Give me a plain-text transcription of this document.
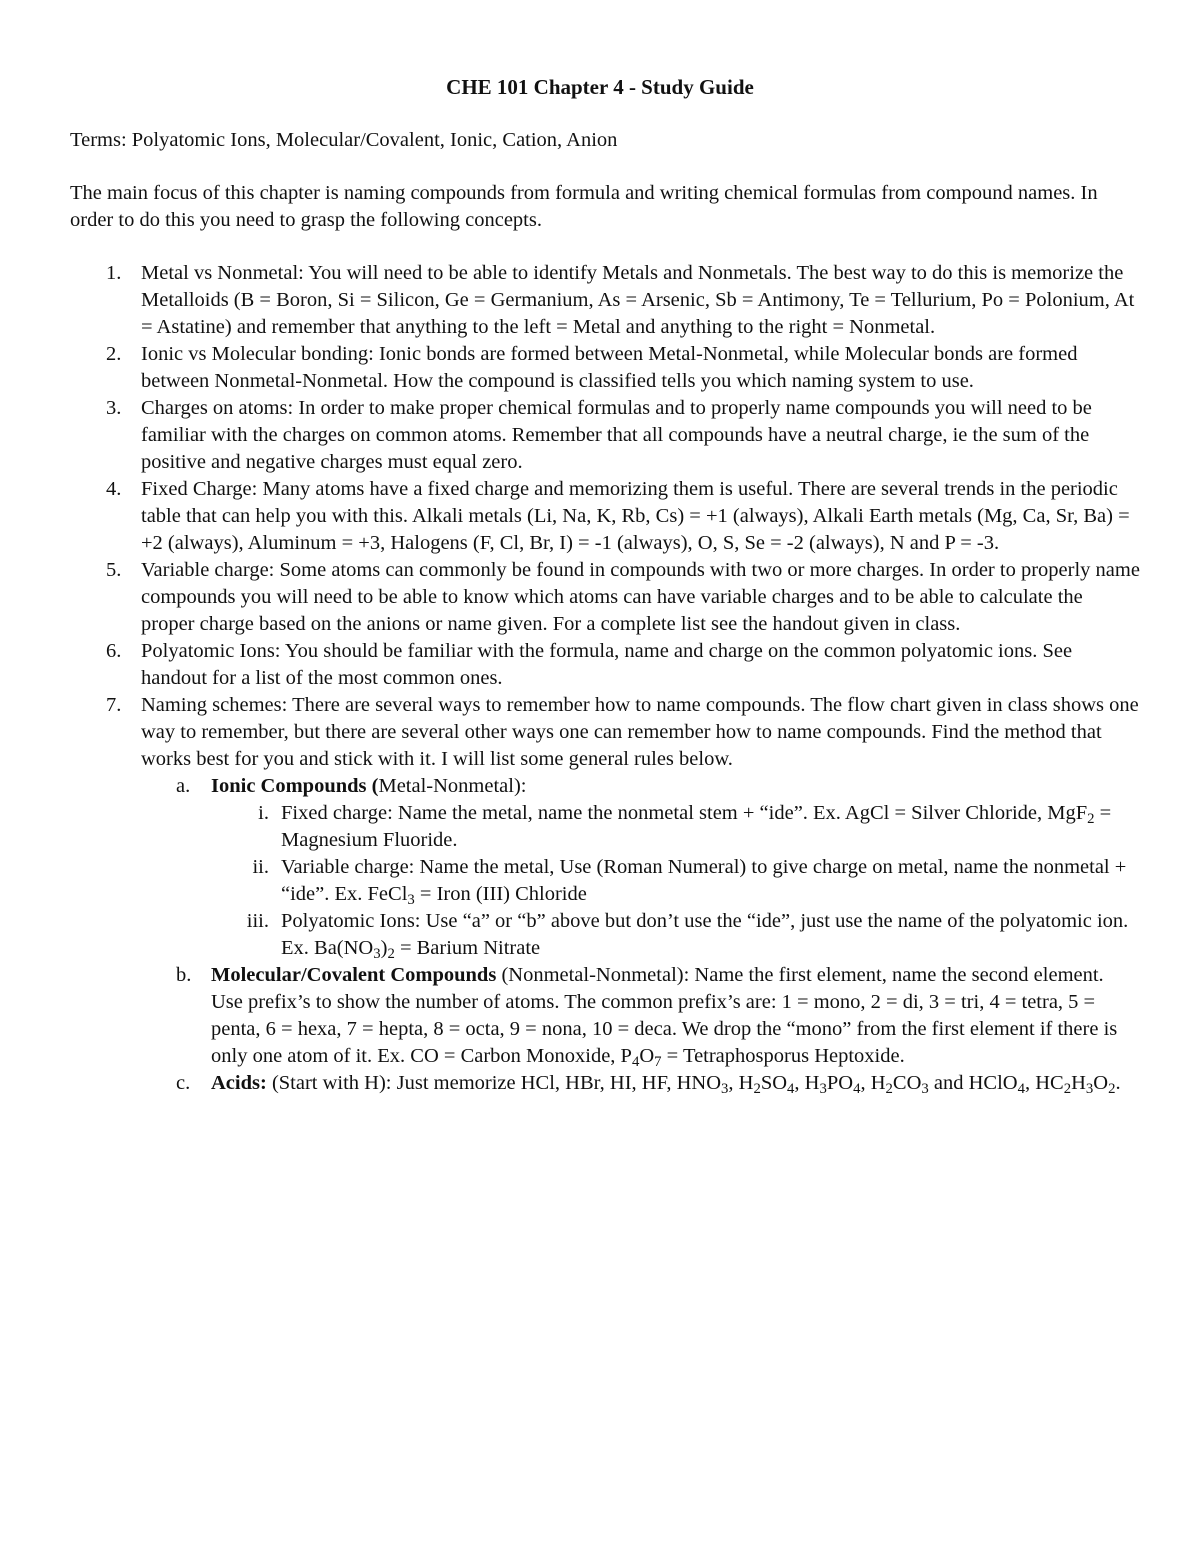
CHE 101 Chapter 4 - Study Guide

Terms: Polyatomic Ions, Molecular/Covalent, Ionic, Cation, Anion

The main focus of this chapter is naming compounds from formula and writing chemical formulas from compound names. In order to do this you need to grasp the following concepts.

1. Metal vs Nonmetal: You will need to be able to identify Metals and Nonmetals. The best way to do this is memorize the Metalloids (B = Boron, Si = Silicon, Ge = Germanium, As = Arsenic, Sb = Antimony, Te = Tellurium, Po = Polonium, At = Astatine) and remember that anything to the left = Metal and anything to the right = Nonmetal.
2. Ionic vs Molecular bonding: Ionic bonds are formed between Metal-Nonmetal, while Molecular bonds are formed between Nonmetal-Nonmetal. How the compound is classified tells you which naming system to use.
3. Charges on atoms: In order to make proper chemical formulas and to properly name compounds you will need to be familiar with the charges on common atoms. Remember that all compounds have a neutral charge, ie the sum of the positive and negative charges must equal zero.
4. Fixed Charge: Many atoms have a fixed charge and memorizing them is useful. There are several trends in the periodic table that can help you with this. Alkali metals (Li, Na, K, Rb, Cs) = +1 (always), Alkali Earth metals (Mg, Ca, Sr, Ba) = +2 (always), Aluminum = +3, Halogens (F, Cl, Br, I) = -1 (always), O, S, Se = -2 (always), N and P = -3.
5. Variable charge: Some atoms can commonly be found in compounds with two or more charges. In order to properly name compounds you will need to be able to know which atoms can have variable charges and to be able to calculate the proper charge based on the anions or name given. For a complete list see the handout given in class.
6. Polyatomic Ions: You should be familiar with the formula, name and charge on the common polyatomic ions. See handout for a list of the most common ones.
7. Naming schemes: There are several ways to remember how to name compounds. The flow chart given in class shows one way to remember, but there are several other ways one can remember how to name compounds. Find the method that works best for you and stick with it. I will list some general rules below.
a. Ionic Compounds (Metal-Nonmetal):
i. Fixed charge: Name the metal, name the nonmetal stem + “ide”. Ex. AgCl = Silver Chloride, MgF$_2$ = Magnesium Fluoride.
ii. Variable charge: Name the metal, Use (Roman Numeral) to give charge on metal, name the nonmetal + “ide”. Ex. FeCl$_3$ = Iron (III) Chloride
iii. Polyatomic Ions: Use “a” or “b” above but don’t use the “ide”, just use the name of the polyatomic ion. Ex. $Ba(NO_3)_2$ = Barium Nitrate
b. Molecular/Covalent Compounds (Nonmetal-Nonmetal): Name the first element, name the second element. Use prefix’s to show the number of atoms. The common prefix’s are: 1 = mono, 2 = di, 3 = tri, 4 = tetra, 5 = penta, 6 = hexa, 7 = hepta, 8 = octa, 9 = nona, 10 = deca. We drop the “mono” from the first element if there is only one atom of it. Ex. CO = Carbon Monoxide, $P_4O_7$ = Tetraphosporus Heptoxide.
c. Acids: (Start with H): Just memorize HCl, HBr, HI, HF, $HNO_3$, $H_2SO_4$, $H_3PO_4$, $H_2CO_3$ and HClO$_4$, $HC_2H_3O_2$.
